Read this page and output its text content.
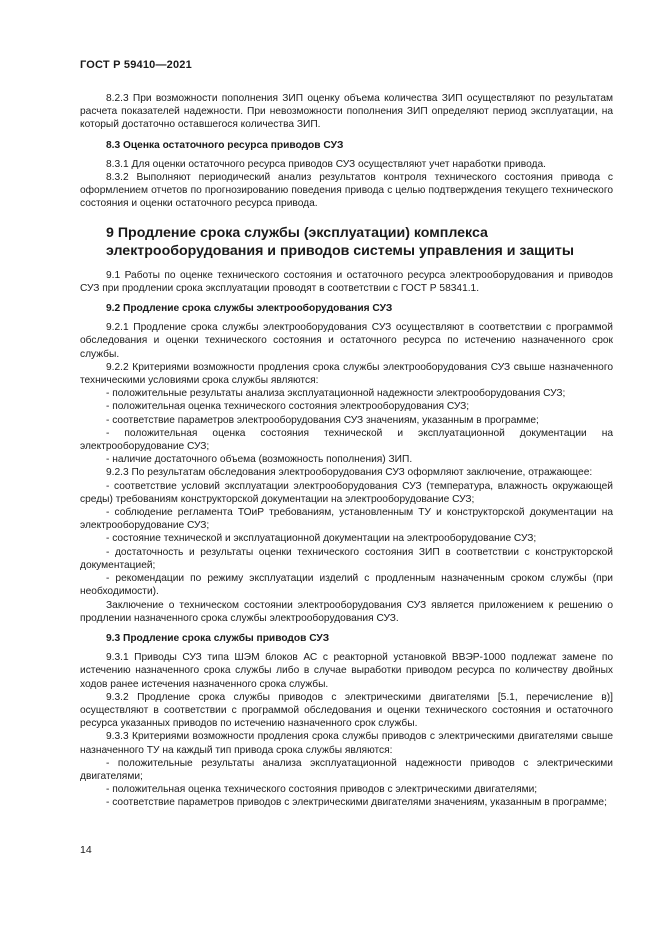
ГОСТ Р 59410—2021

8.2.3 При возможности пополнения ЗИП оценку объема количества ЗИП осуществляют по результатам расчета показателей надежности. При невозможности пополнения ЗИП определяют период эксплуатации, на который достаточно оставшегося количества ЗИП.

8.3 Оценка остаточного ресурса приводов СУЗ

8.3.1 Для оценки остаточного ресурса приводов СУЗ осуществляют учет наработки привода.

8.3.2 Выполняют периодический анализ результатов контроля технического состояния привода с оформлением отчетов по прогнозированию поведения привода с целью подтверждения текущего технического состояния и оценки остаточного ресурса привода.

9 Продление срока службы (эксплуатации) комплекса электрооборудования и приводов системы управления и защиты

9.1 Работы по оценке технического состояния и остаточного ресурса электрооборудования и приводов СУЗ при продлении срока эксплуатации проводят в соответствии с ГОСТ Р 58341.1.

9.2 Продление срока службы электрооборудования СУЗ

9.2.1 Продление срока службы электрооборудования СУЗ осуществляют в соответствии с программой обследования и оценки технического состояния и остаточного ресурса по истечению назначенного срок службы.

9.2.2 Критериями возможности продления срока службы электрооборудования СУЗ свыше назначенного техническими условиями срока службы являются:

- положительные результаты анализа эксплуатационной надежности электрооборудования СУЗ;

- положительная оценка технического состояния электрооборудования СУЗ;

- соответствие параметров электрооборудования СУЗ значениям, указанным в программе;

- положительная оценка состояния технической и эксплуатационной документации на электрооборудование СУЗ;

- наличие достаточного объема (возможность пополнения) ЗИП.

9.2.3 По результатам обследования электрооборудования СУЗ оформляют заключение, отражающее:

- соответствие условий эксплуатации электрооборудования СУЗ (температура, влажность окружающей среды) требованиям конструкторской документации на электрооборудование СУЗ;

- соблюдение регламента ТОиР требованиям, установленным ТУ и конструкторской документации на электрооборудование СУЗ;

- состояние технической и эксплуатационной документации на электрооборудование СУЗ;

- достаточность и результаты оценки технического состояния ЗИП в соответствии с конструкторской документацией;

- рекомендации по режиму эксплуатации изделий с продленным назначенным сроком службы (при необходимости).

Заключение о техническом состоянии электрооборудования СУЗ является приложением к решению о продлении назначенного срока службы электрооборудования СУЗ.

9.3 Продление срока службы приводов СУЗ

9.3.1 Приводы СУЗ типа ШЭМ блоков АС с реакторной установкой ВВЭР-1000 подлежат замене по истечению назначенного срока службы либо в случае выработки приводом ресурса по количеству двойных ходов ранее истечения назначенного срока службы.

9.3.2 Продление срока службы приводов с электрическими двигателями [5.1, перечисление в)] осуществляют в соответствии с программой обследования и оценки технического состояния и остаточного ресурса указанных приводов по истечению назначенного срок службы.

9.3.3 Критериями возможности продления срока службы приводов с электрическими двигателями свыше назначенного ТУ на каждый тип привода срока службы являются:

- положительные результаты анализа эксплуатационной надежности приводов с электрическими двигателями;

- положительная оценка технического состояния приводов с электрическими двигателями;

- соответствие параметров приводов с электрическими двигателями значениям, указанным в программе;

14
